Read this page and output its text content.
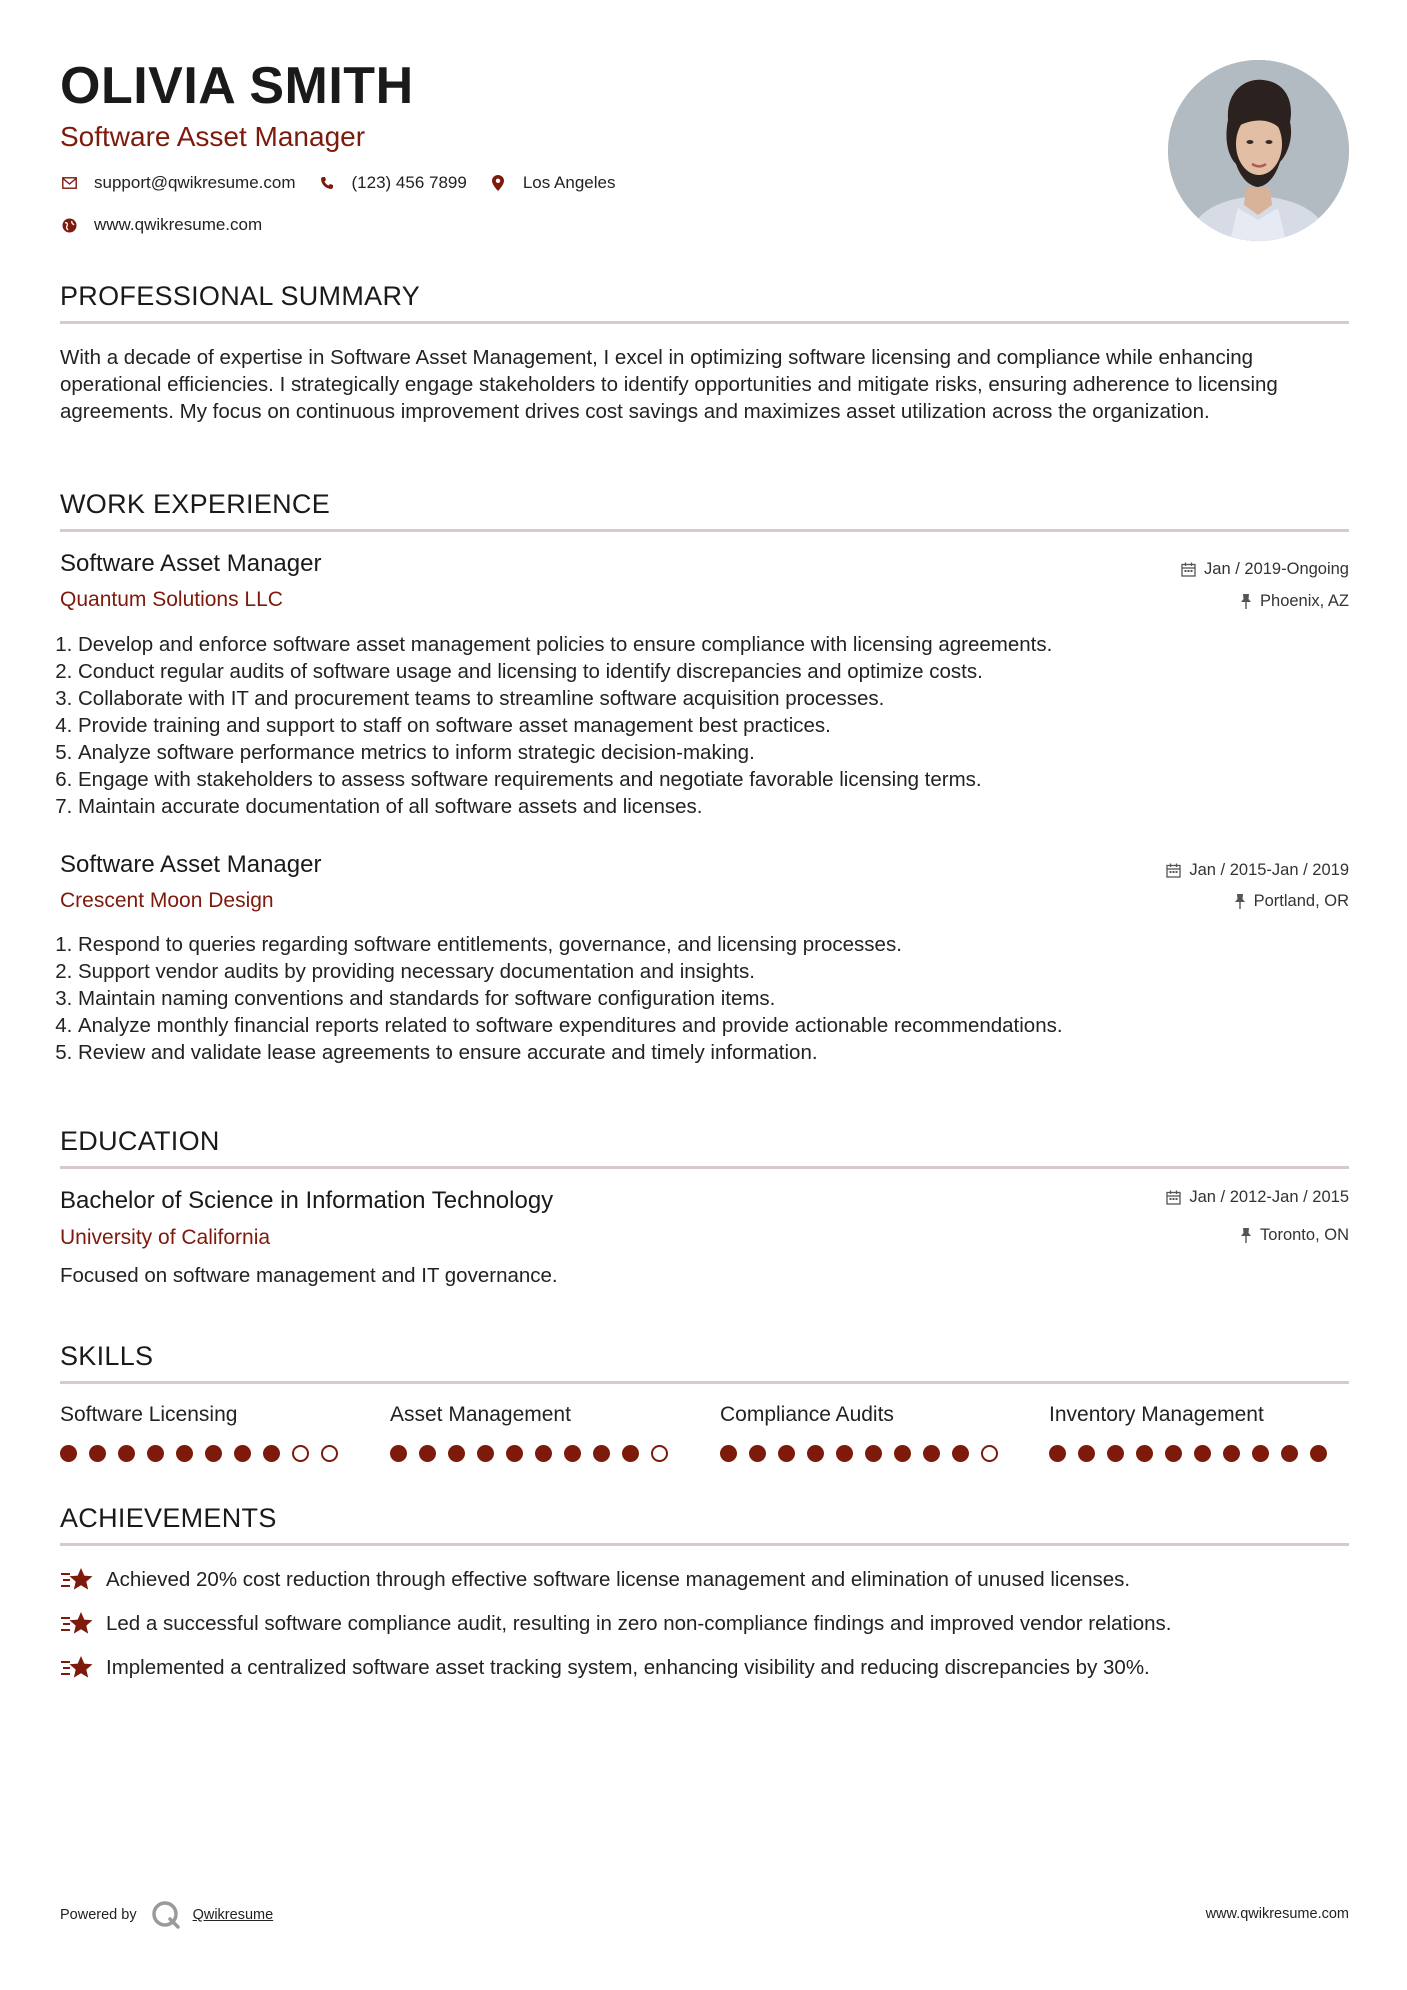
OLIVIA SMITH
Software Asset Manager
support@qwikresume.com	(123) 456 7899	Los Angeles
www.qwikresume.com
PROFESSIONAL SUMMARY
With a decade of expertise in Software Asset Management, I excel in optimizing software licensing and compliance while enhancing operational efficiencies. I strategically engage stakeholders to identify opportunities and mitigate risks, ensuring adherence to licensing agreements. My focus on continuous improvement drives cost savings and maximizes asset utilization across the organization.
WORK EXPERIENCE
Software Asset Manager
Quantum Solutions LLC
Jan / 2019-Ongoing
Phoenix, AZ
1. Develop and enforce software asset management policies to ensure compliance with licensing agreements.
2. Conduct regular audits of software usage and licensing to identify discrepancies and optimize costs.
3. Collaborate with IT and procurement teams to streamline software acquisition processes.
4. Provide training and support to staff on software asset management best practices.
5. Analyze software performance metrics to inform strategic decision-making.
6. Engage with stakeholders to assess software requirements and negotiate favorable licensing terms.
7. Maintain accurate documentation of all software assets and licenses.
Software Asset Manager
Crescent Moon Design
Jan / 2015-Jan / 2019
Portland, OR
1. Respond to queries regarding software entitlements, governance, and licensing processes.
2. Support vendor audits by providing necessary documentation and insights.
3. Maintain naming conventions and standards for software configuration items.
4. Analyze monthly financial reports related to software expenditures and provide actionable recommendations.
5. Review and validate lease agreements to ensure accurate and timely information.
EDUCATION
Bachelor of Science in Information Technology
University of California
Jan / 2012-Jan / 2015
Toronto, ON
Focused on software management and IT governance.
SKILLS
Software Licensing	Asset Management	Compliance Audits	Inventory Management
ACHIEVEMENTS
Achieved 20% cost reduction through effective software license management and elimination of unused licenses.
Led a successful software compliance audit, resulting in zero non-compliance findings and improved vendor relations.
Implemented a centralized software asset tracking system, enhancing visibility and reducing discrepancies by 30%.
Powered by	Qwikresume	www.qwikresume.com
